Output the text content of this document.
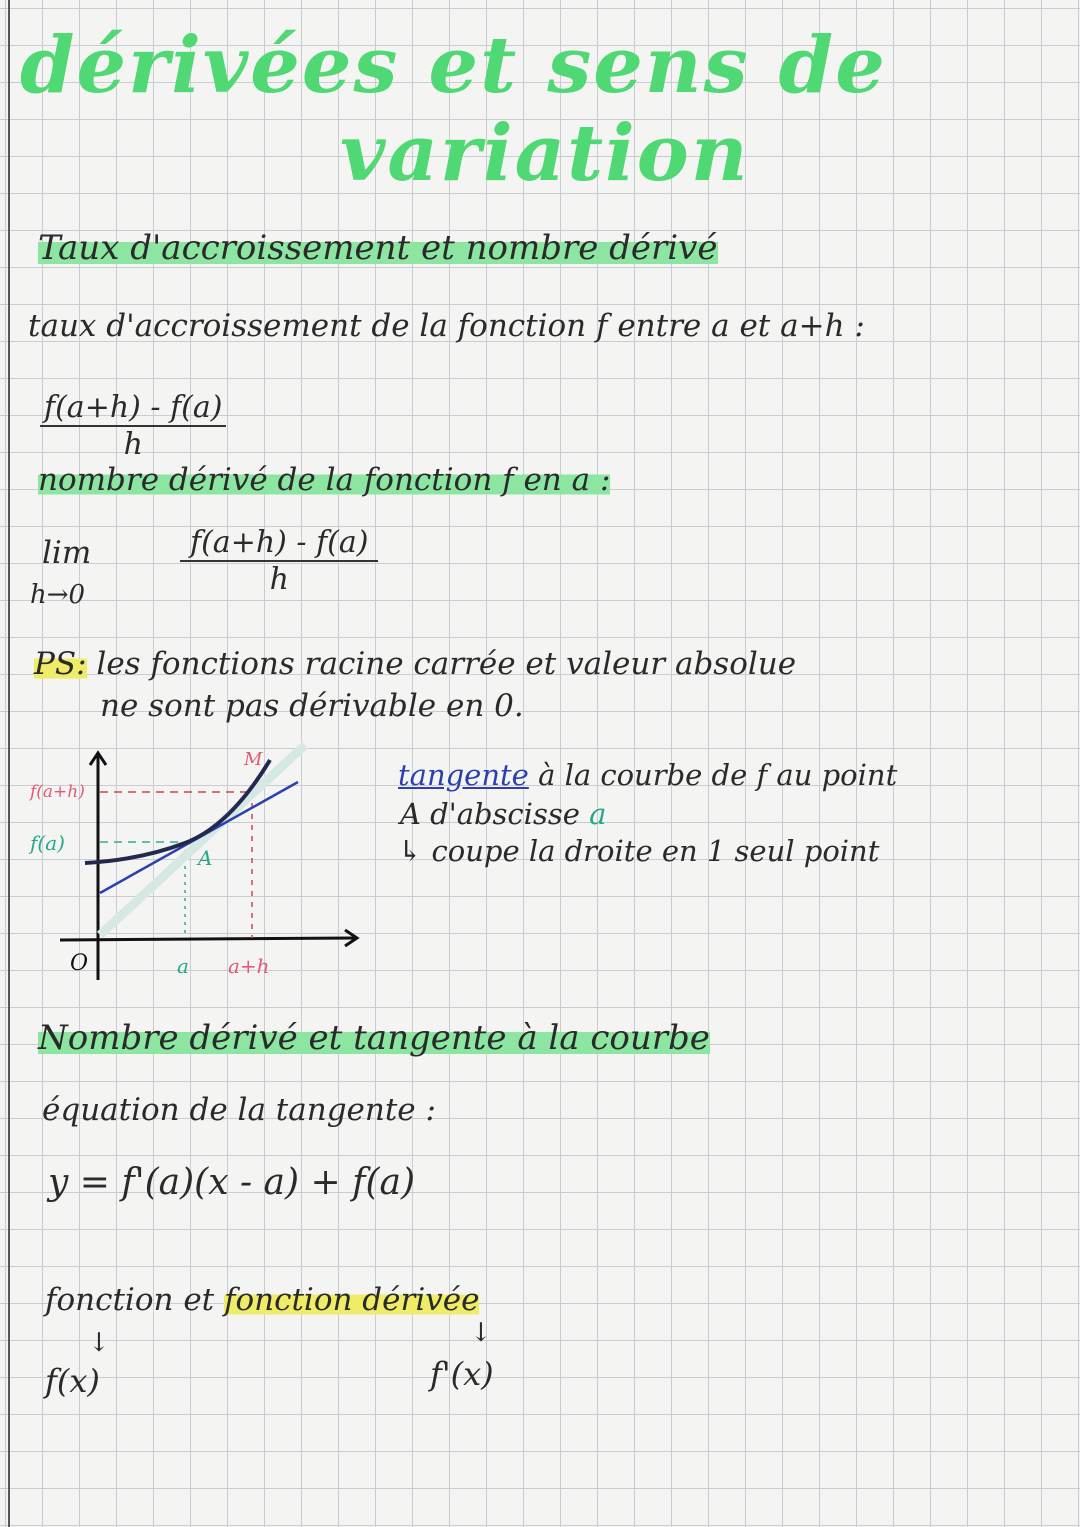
dérivées et sens de
variation
Taux d'accroissement et nombre dérivé
taux d'accroissement de la fonction f entre a et a+h :
$\frac{f(a+h) - f(a)}{h}$
nombre dérivé de la fonction f en a :
lim
h→0	$\frac{f(a+h) - f(a)}{h}$
PS: les fonctions racine carrée et valeur absolue
ne sont pas dérivable en 0.
f(a+h)
f(a)
M
A
O	a a+h
tangente à la courbe de f au point
A d'abscisse a
↳ coupe la droite en 1 seul point
Nombre dérivé et tangente à la courbe
équation de la tangente :
y = f'(a)(x - a) + f(a)
fonction et fonction dérivée
↓	↓
f(x)	f'(x)
